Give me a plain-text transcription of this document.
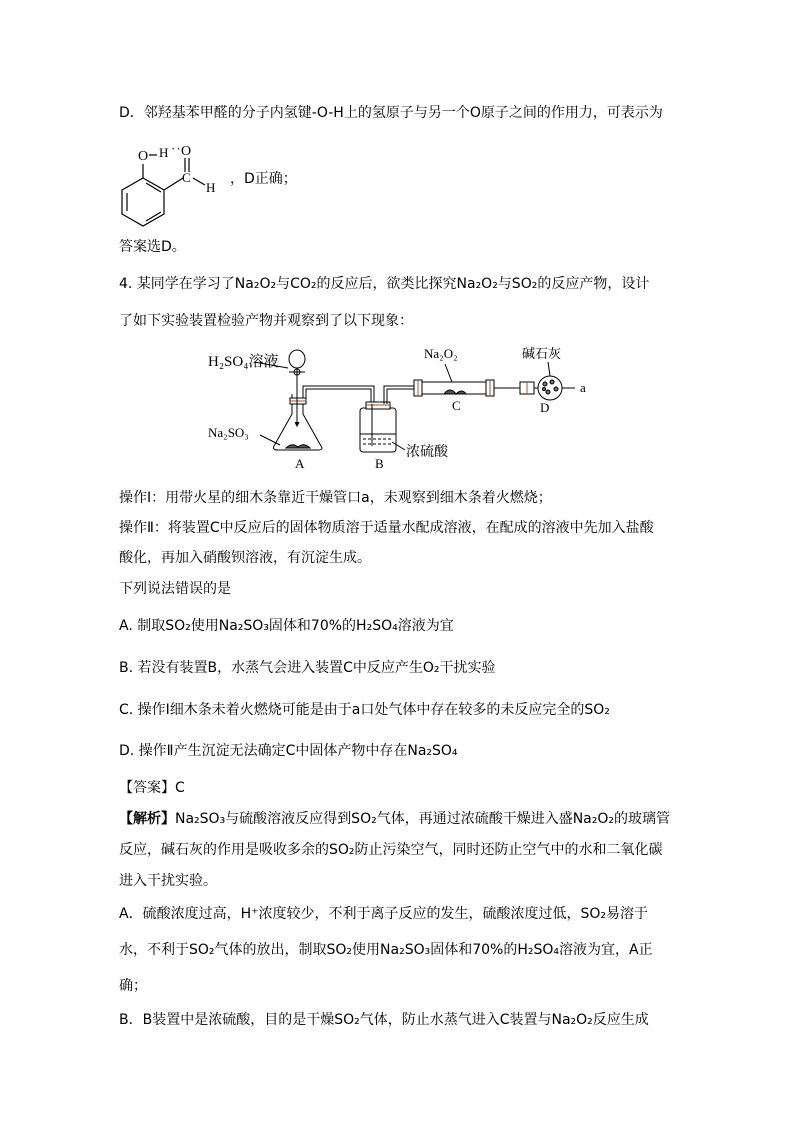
D．邻羟基苯甲醛的分子内氢键-O-H上的氢原子与另一个O原子之间的作用力，可表示为
O H ·· O
C
H
，D正确；
答案选D。
4. 某同学在学习了Na₂O₂与CO₂的反应后，欲类比探究Na₂O₂与SO₂的反应产物，设计
了如下实验装置检验产物并观察到了以下现象：
H₂SO₄溶液
Na₂SO₃
A	B
浓硫酸
Na₂O₂
C
碱石灰
D
a
操作Ⅰ：用带火星的细木条靠近干燥管口a，未观察到细木条着火燃烧；
操作Ⅱ：将装置C中反应后的固体物质溶于适量水配成溶液，在配成的溶液中先加入盐酸
酸化，再加入硝酸钡溶液，有沉淀生成。
下列说法错误的是
A. 制取SO₂使用Na₂SO₃固体和70%的H₂SO₄溶液为宜
B. 若没有装置B，水蒸气会进入装置C中反应产生O₂干扰实验
C. 操作Ⅰ细木条未着火燃烧可能是由于a口处气体中存在较多的未反应完全的SO₂
D. 操作Ⅱ产生沉淀无法确定C中固体产物中存在Na₂SO₄
【答案】C
【解析】Na₂SO₃与硫酸溶液反应得到SO₂气体，再通过浓硫酸干燥进入盛Na₂O₂的玻璃管
反应，碱石灰的作用是吸收多余的SO₂防止污染空气，同时还防止空气中的水和二氧化碳
进入干扰实验。
A．硫酸浓度过高，H⁺浓度较少，不利于离子反应的发生，硫酸浓度过低，SO₂易溶于
水，不利于SO₂气体的放出，制取SO₂使用Na₂SO₃固体和70%的H₂SO₄溶液为宜，A正
确；
B．B装置中是浓硫酸，目的是干燥SO₂气体，防止水蒸气进入C装置与Na₂O₂反应生成
